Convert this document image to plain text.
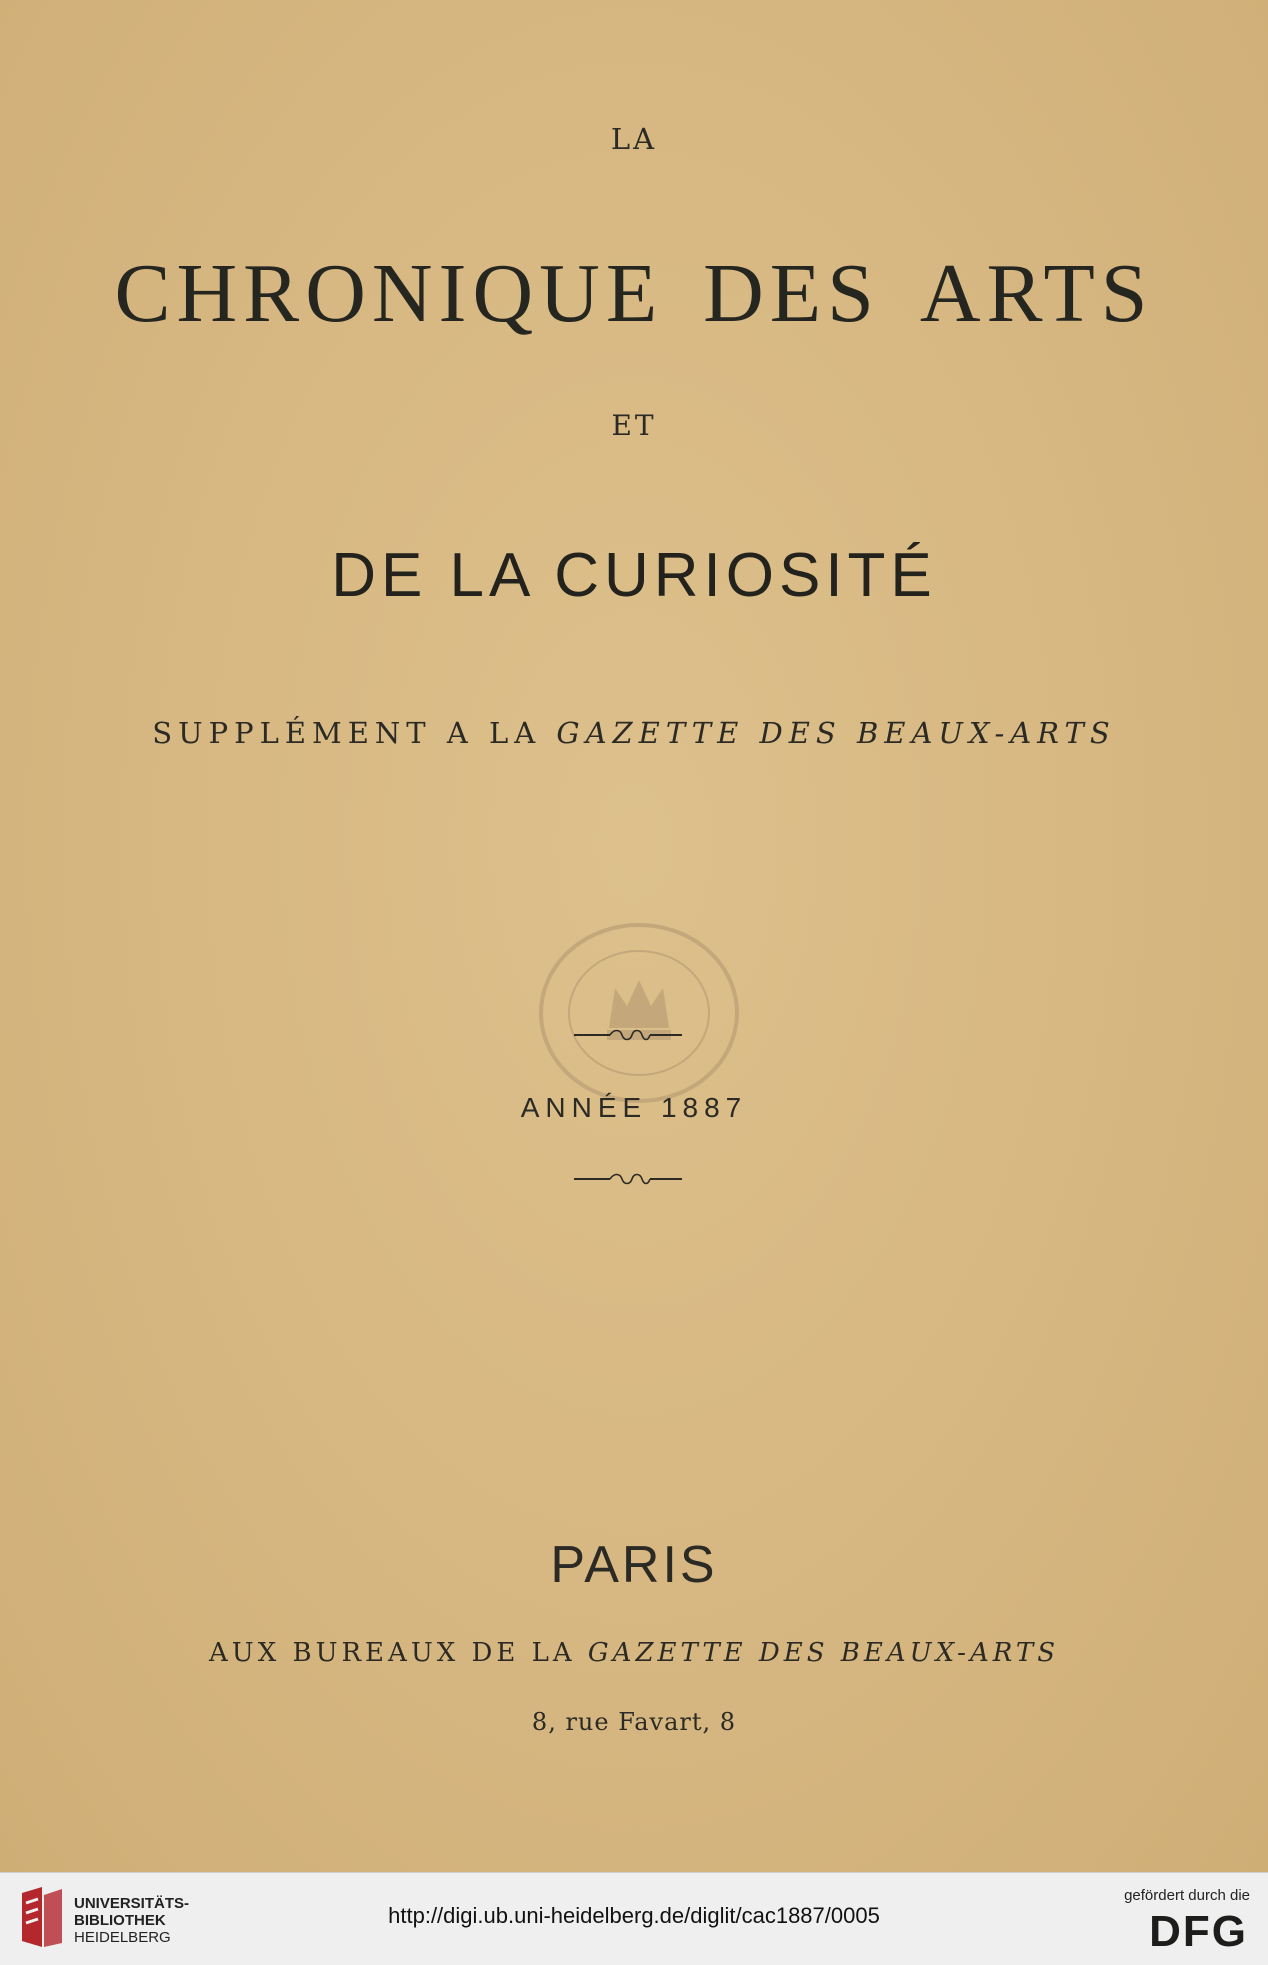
LA
CHRONIQUE DES ARTS
ET
DE LA CURIOSITÉ
SUPPLÉMENT A LA GAZETTE DES BEAUX-ARTS
ANNÉE 1887
PARIS
AUX BUREAUX DE LA GAZETTE DES BEAUX-ARTS
8, rue Favart, 8
UNIVERSITÄTS-
BIBLIOTHEK
HEIDELBERG
http://digi.ub.uni-heidelberg.de/diglit/cac1887/0005
gefördert durch die
DFG
